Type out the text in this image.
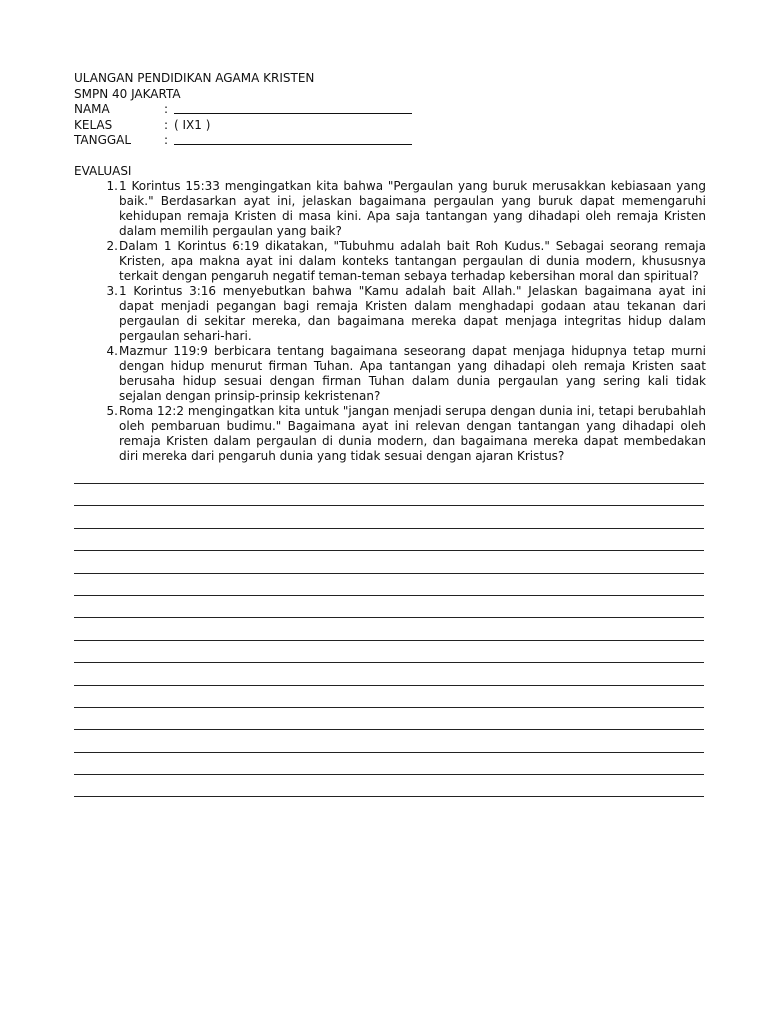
ULANGAN PENDIDIKAN AGAMA KRISTEN
SMPN 40 JAKARTA
NAMA	:
KELAS	: ( IX1 )
TANGGAL	:
EVALUASI
1. 1 Korintus 15:33 mengingatkan kita bahwa "Pergaulan yang buruk merusakkan kebiasaan yang baik." Berdasarkan ayat ini, jelaskan bagaimana pergaulan yang buruk dapat memengaruhi kehidupan remaja Kristen di masa kini. Apa saja tantangan yang dihadapi oleh remaja Kristen dalam memilih pergaulan yang baik?
2. Dalam 1 Korintus 6:19 dikatakan, "Tubuhmu adalah bait Roh Kudus." Sebagai seorang remaja Kristen, apa makna ayat ini dalam konteks tantangan pergaulan di dunia modern, khususnya terkait dengan pengaruh negatif teman-teman sebaya terhadap kebersihan moral dan spiritual?
3. 1 Korintus 3:16 menyebutkan bahwa "Kamu adalah bait Allah." Jelaskan bagaimana ayat ini dapat menjadi pegangan bagi remaja Kristen dalam menghadapi godaan atau tekanan dari pergaulan di sekitar mereka, dan bagaimana mereka dapat menjaga integritas hidup dalam pergaulan sehari-hari.
4. Mazmur 119:9 berbicara tentang bagaimana seseorang dapat menjaga hidupnya tetap murni dengan hidup menurut firman Tuhan. Apa tantangan yang dihadapi oleh remaja Kristen saat berusaha hidup sesuai dengan firman Tuhan dalam dunia pergaulan yang sering kali tidak sejalan dengan prinsip-prinsip kekristenan?
5. Roma 12:2 mengingatkan kita untuk "jangan menjadi serupa dengan dunia ini, tetapi berubahlah oleh pembaruan budimu." Bagaimana ayat ini relevan dengan tantangan yang dihadapi oleh remaja Kristen dalam pergaulan di dunia modern, dan bagaimana mereka dapat membedakan diri mereka dari pengaruh dunia yang tidak sesuai dengan ajaran Kristus?
